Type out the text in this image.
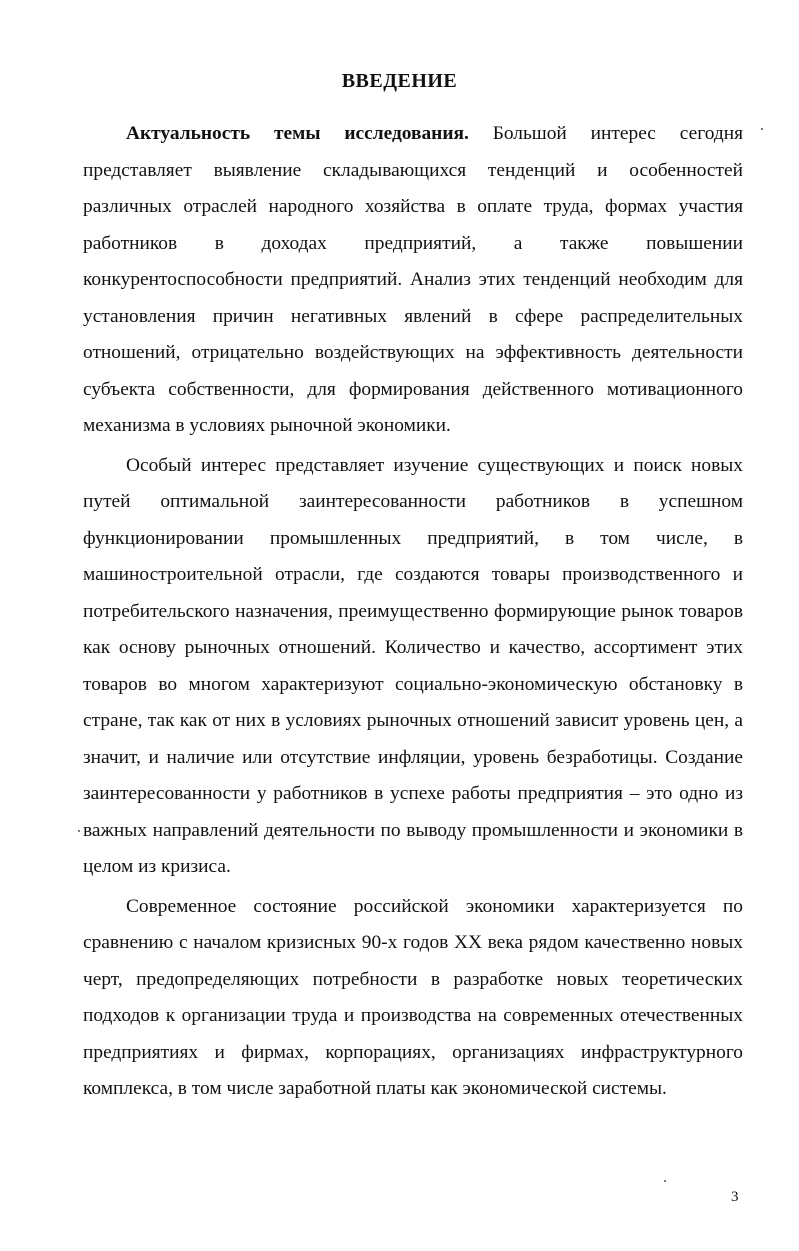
ВВЕДЕНИЕ

Актуальность темы исследования. Большой интерес сегодня представляет выявление складывающихся тенденций и особенностей различных отраслей народного хозяйства в оплате труда, формах участия работников в доходах предприятий, а также повышении конкурентоспособности предприятий. Анализ этих тенденций необходим для установления причин негативных явлений в сфере распределительных отношений, отрицательно воздействующих на эффективность деятельности субъекта собственности, для формирования действенного мотивационного механизма в условиях рыночной экономики.

Особый интерес представляет изучение существующих и поиск новых путей оптимальной заинтересованности работников в успешном функционировании промышленных предприятий, в том числе, в машиностроительной отрасли, где создаются товары производственного и потребительского назначения, преимущественно формирующие рынок товаров как основу рыночных отношений. Количество и качество, ассортимент этих товаров во многом характеризуют социально-экономическую обстановку в стране, так как от них в условиях рыночных отношений зависит уровень цен, а значит, и наличие или отсутствие инфляции, уровень безработицы. Создание заинтересованности у работников в успехе работы предприятия – это одно из важных направлений деятельности по выводу промышленности и экономики в целом из кризиса.

Современное состояние российской экономики характеризуется по сравнению с началом кризисных 90-х годов XX века рядом качественно новых черт, предопределяющих потребности в разработке новых теоретических подходов к организации труда и производства на современных отечественных предприятиях и фирмах, корпорациях, организациях инфраструктурного комплекса, в том числе заработной платы как экономической системы.

3
